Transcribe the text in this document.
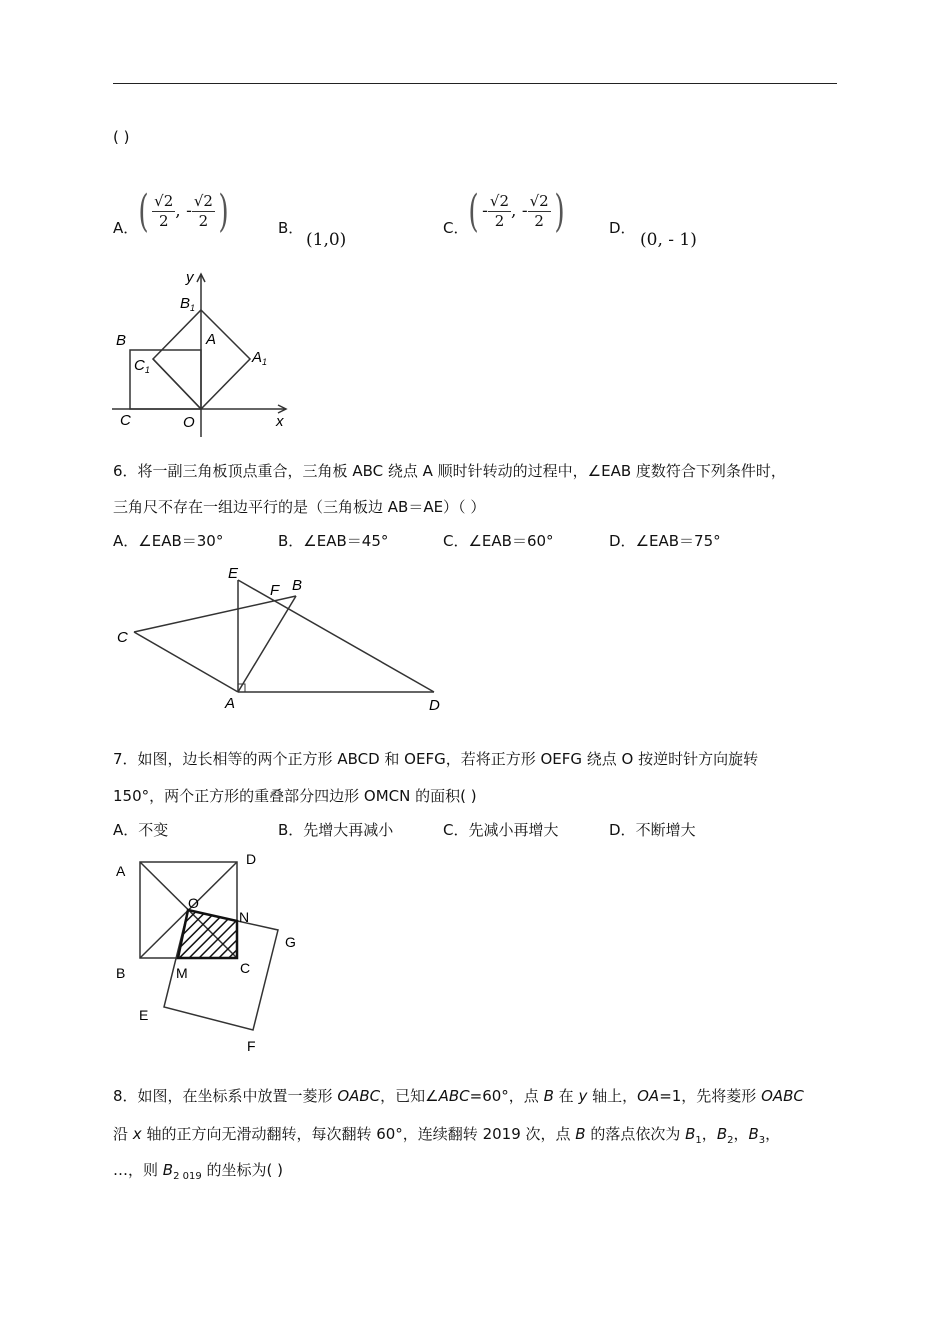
( )
A． ( $\frac{√2}{2}$ , - $\frac{√2}{2}$ )	B．
(1,0)
C． ( - $\frac{√2}{2}$ , - $\frac{√2}{2}$ )	D．
(0, - 1)
y
x
$B_1$
A
B
$C_1$
$A_1$
C	O
6．将一副三角板顶点重合，三角板 ABC 绕点 A 顺时针转动的过程中，∠EAB 度数符合下列条件时，
三角尺不存在一组边平行的是（三角板边 AB＝AE）（ ）
A．∠EAB＝30°	B．∠EAB＝45°	C．∠EAB＝60°	D．∠EAB＝75°
E
F B
C
A	D
7．如图，边长相等的两个正方形 ABCD 和 OEFG，若将正方形 OEFG 绕点 O 按逆时针方向旋转
150°，两个正方形的重叠部分四边形 OMCN 的面积( )
A．不变	B．先增大再减小	C．先减小再增大	D．不断增大
A
D
O
N
G
B	M	C
E
F
8．如图，在坐标系中放置一菱形 OABC，已知∠ABC=60°，点 B 在 y 轴上，OA=1，先将菱形 OABC
沿 x 轴的正方向无滑动翻转，每次翻转 60°，连续翻转 2019 次，点 B 的落点依次为 $B_1$，$B_2$，$B_3$，
…，则 $B_{2 019}$ 的坐标为( )
